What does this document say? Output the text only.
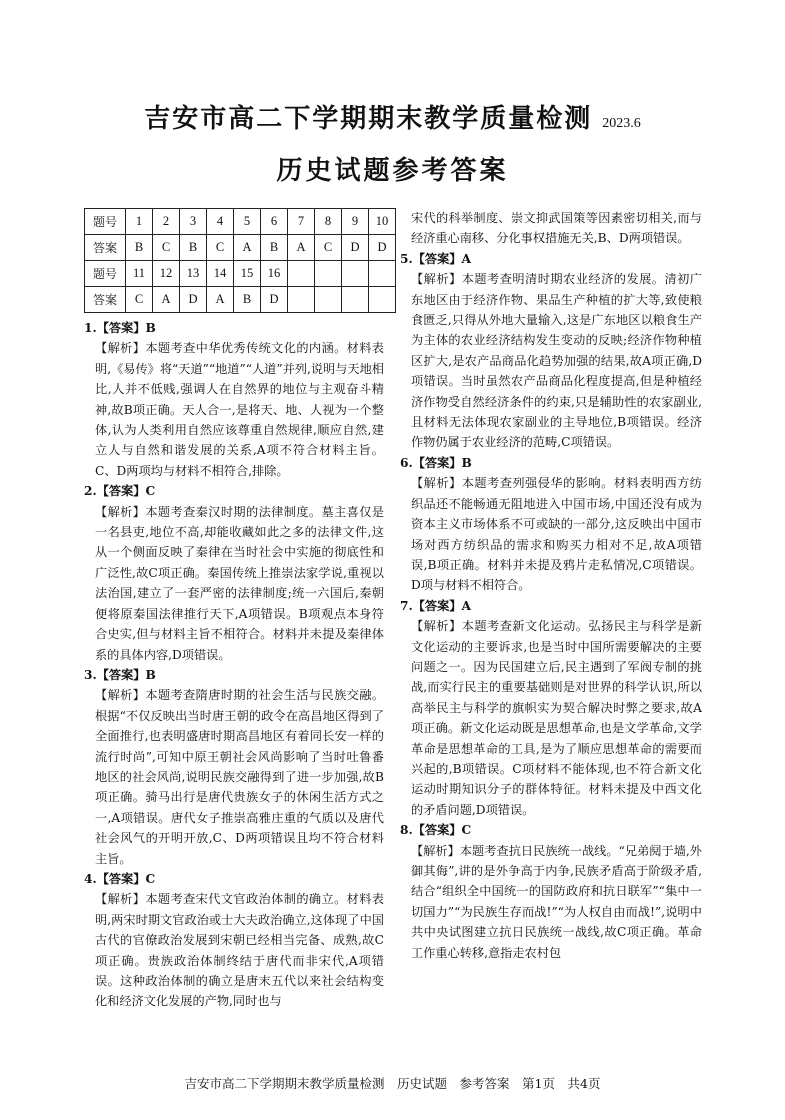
吉安市高二下学期期末教学质量检测 2023.6
历史试题参考答案
题号	1	2	3	4	5	6	7	8	9	10
答案	B	C	B	C	A	B	A	C	D	D
题号	11	12	13	14	15	16				
答案	C	A	D	A	B	D				
1.【答案】B
【解析】本题考查中华优秀传统文化的内涵。材料表明,《易传》将“天道”“地道”“人道”并列,说明与天地相比,人并不低贱,强调人在自然界的地位与主观奋斗精神,故B项正确。天人合一,是将天、地、人视为一个整体,认为人类利用自然应该尊重自然规律,顺应自然,建立人与自然和谐发展的关系,A项不符合材料主旨。C、D两项均与材料不相符合,排除。
2.【答案】C
【解析】本题考查秦汉时期的法律制度。墓主喜仅是一名县吏,地位不高,却能收藏如此之多的法律文件,这从一个侧面反映了秦律在当时社会中实施的彻底性和广泛性,故C项正确。秦国传统上推崇法家学说,重视以法治国,建立了一套严密的法律制度;统一六国后,秦朝便将原秦国法律推行天下,A项错误。B项观点本身符合史实,但与材料主旨不相符合。材料并未提及秦律体系的具体内容,D项错误。
3.【答案】B
【解析】本题考查隋唐时期的社会生活与民族交融。根据“不仅反映出当时唐王朝的政令在高昌地区得到了全面推行,也表明盛唐时期高昌地区有着同长安一样的流行时尚”,可知中原王朝社会风尚影响了当时吐鲁番地区的社会风尚,说明民族交融得到了进一步加强,故B项正确。骑马出行是唐代贵族女子的休闲生活方式之一,A项错误。唐代女子推崇高雅庄重的气质以及唐代社会风气的开明开放,C、D两项错误且均不符合材料主旨。
4.【答案】C
【解析】本题考查宋代文官政治体制的确立。材料表明,两宋时期文官政治或士大夫政治确立,这体现了中国古代的官僚政治发展到宋朝已经相当完备、成熟,故C项正确。贵族政治体制终结于唐代而非宋代,A项错误。这种政治体制的确立是唐末五代以来社会结构变化和经济文化发展的产物,同时也与
宋代的科举制度、崇文抑武国策等因素密切相关,而与经济重心南移、分化事权措施无关,B、D两项错误。
5.【答案】A
【解析】本题考查明清时期农业经济的发展。清初广东地区由于经济作物、果品生产种植的扩大等,致使粮食匮乏,只得从外地大量输入,这是广东地区以粮食生产为主体的农业经济结构发生变动的反映;经济作物种植区扩大,是农产品商品化趋势加强的结果,故A项正确,D项错误。当时虽然农产品商品化程度提高,但是种植经济作物受自然经济条件的约束,只是辅助性的农家副业,且材料无法体现农家副业的主导地位,B项错误。经济作物仍属于农业经济的范畴,C项错误。
6.【答案】B
【解析】本题考查列强侵华的影响。材料表明西方纺织品还不能畅通无阻地进入中国市场,中国还没有成为资本主义市场体系不可或缺的一部分,这反映出中国市场对西方纺织品的需求和购买力相对不足,故A项错误,B项正确。材料并未提及鸦片走私情况,C项错误。D项与材料不相符合。
7.【答案】A
【解析】本题考查新文化运动。弘扬民主与科学是新文化运动的主要诉求,也是当时中国所需要解决的主要问题之一。因为民国建立后,民主遇到了军阀专制的挑战,而实行民主的重要基础则是对世界的科学认识,所以高举民主与科学的旗帜实为契合解决时弊之要求,故A项正确。新文化运动既是思想革命,也是文学革命,文学革命是思想革命的工具,是为了顺应思想革命的需要而兴起的,B项错误。C项材料不能体现,也不符合新文化运动时期知识分子的群体特征。材料未提及中西文化的矛盾问题,D项错误。
8.【答案】C
【解析】本题考查抗日民族统一战线。“兄弟阋于墙,外御其侮”,讲的是外争高于内争,民族矛盾高于阶级矛盾,结合“组织全中国统一的国防政府和抗日联军”“集中一切国力”“为民族生存而战!”“为人权自由而战!”,说明中共中央试图建立抗日民族统一战线,故C项正确。革命工作重心转移,意指走农村包
吉安市高二下学期期末教学质量检测　历史试题　参考答案　第1页　共4页
